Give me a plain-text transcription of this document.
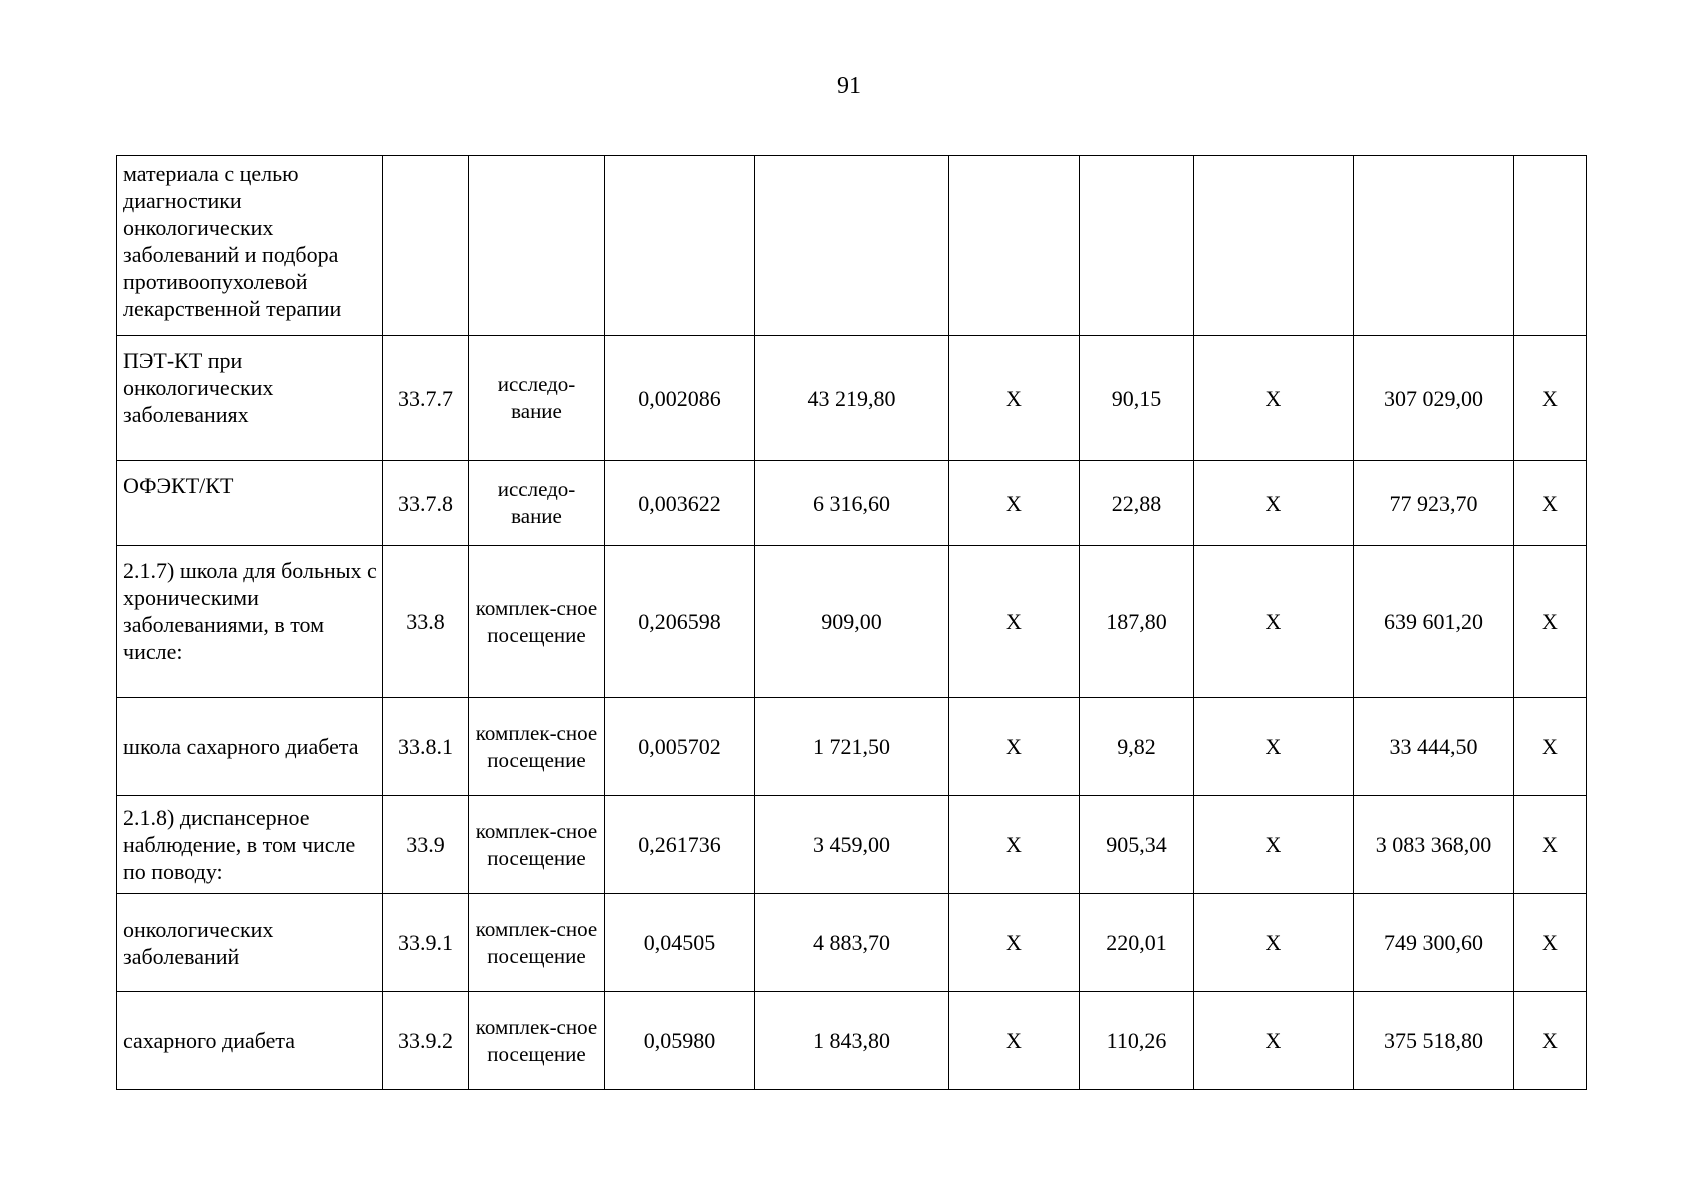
91
материала с целью диагностики онкологических заболеваний и подбора противоопухолевой лекарственной терапии									
ПЭТ-КТ при онкологических заболеваниях	33.7.7	исследо-вание	0,002086	43 219,80	X	90,15	X	307 029,00	X
ОФЭКТ/КТ	33.7.8	исследо-вание	0,003622	6 316,60	X	22,88	X	77 923,70	X
2.1.7) школа для больных с хроническими заболеваниями, в том числе:	33.8	комплек-сное посещение	0,206598	909,00	X	187,80	X	639 601,20	X
школа сахарного диабета	33.8.1	комплек-сное посещение	0,005702	1 721,50	X	9,82	X	33 444,50	X
2.1.8) диспансерное наблюдение, в том числе по поводу:	33.9	комплек-сное посещение	0,261736	3 459,00	X	905,34	X	3 083 368,00	X
онкологических заболеваний	33.9.1	комплек-сное посещение	0,04505	4 883,70	X	220,01	X	749 300,60	X
сахарного диабета	33.9.2	комплек-сное посещение	0,05980	1 843,80	X	110,26	X	375 518,80	X
